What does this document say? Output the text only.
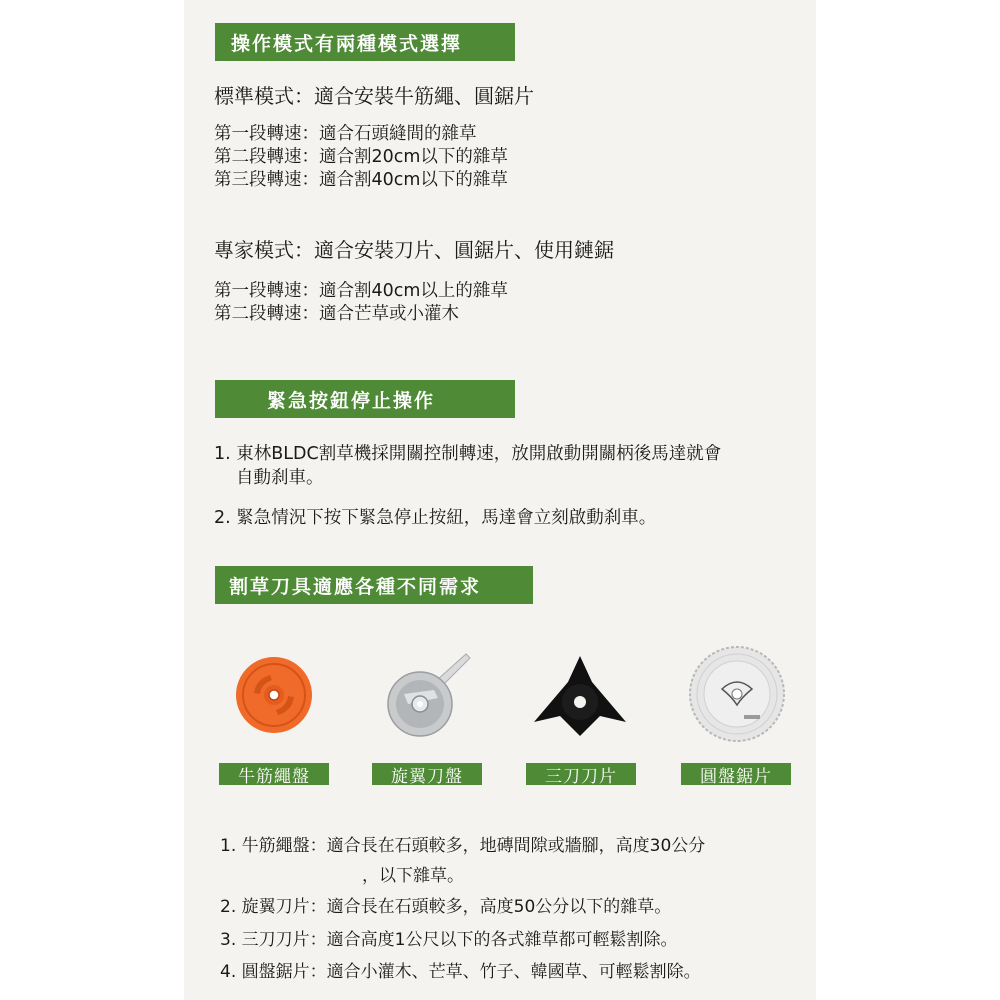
操作模式有兩種模式選擇
標準模式：適合安裝牛筋繩、圓鋸片
第一段轉速：適合石頭縫間的雜草
第二段轉速：適合割20cm以下的雜草
第三段轉速：適合割40cm以下的雜草
專家模式：適合安裝刀片、圓鋸片、使用鏈鋸
第一段轉速：適合割40cm以上的雜草
第二段轉速：適合芒草或小灌木
緊急按鈕停止操作
1. 東林BLDC割草機採開關控制轉速，放開啟動開關柄後馬達就會
自動刹車。
2. 緊急情況下按下緊急停止按紐，馬達會立刻啟動刹車。
割草刀具適應各種不同需求
牛筋繩盤	旋翼刀盤	三刀刀片	圓盤鋸片
1. 牛筋繩盤：適合長在石頭較多，地磚間隙或牆腳，高度30公分
，以下雜草。
2. 旋翼刀片：適合長在石頭較多，高度50公分以下的雜草。
3. 三刀刀片：適合高度1公尺以下的各式雜草都可輕鬆割除。
4. 圓盤鋸片：適合小灌木、芒草、竹子、韓國草、可輕鬆割除。
